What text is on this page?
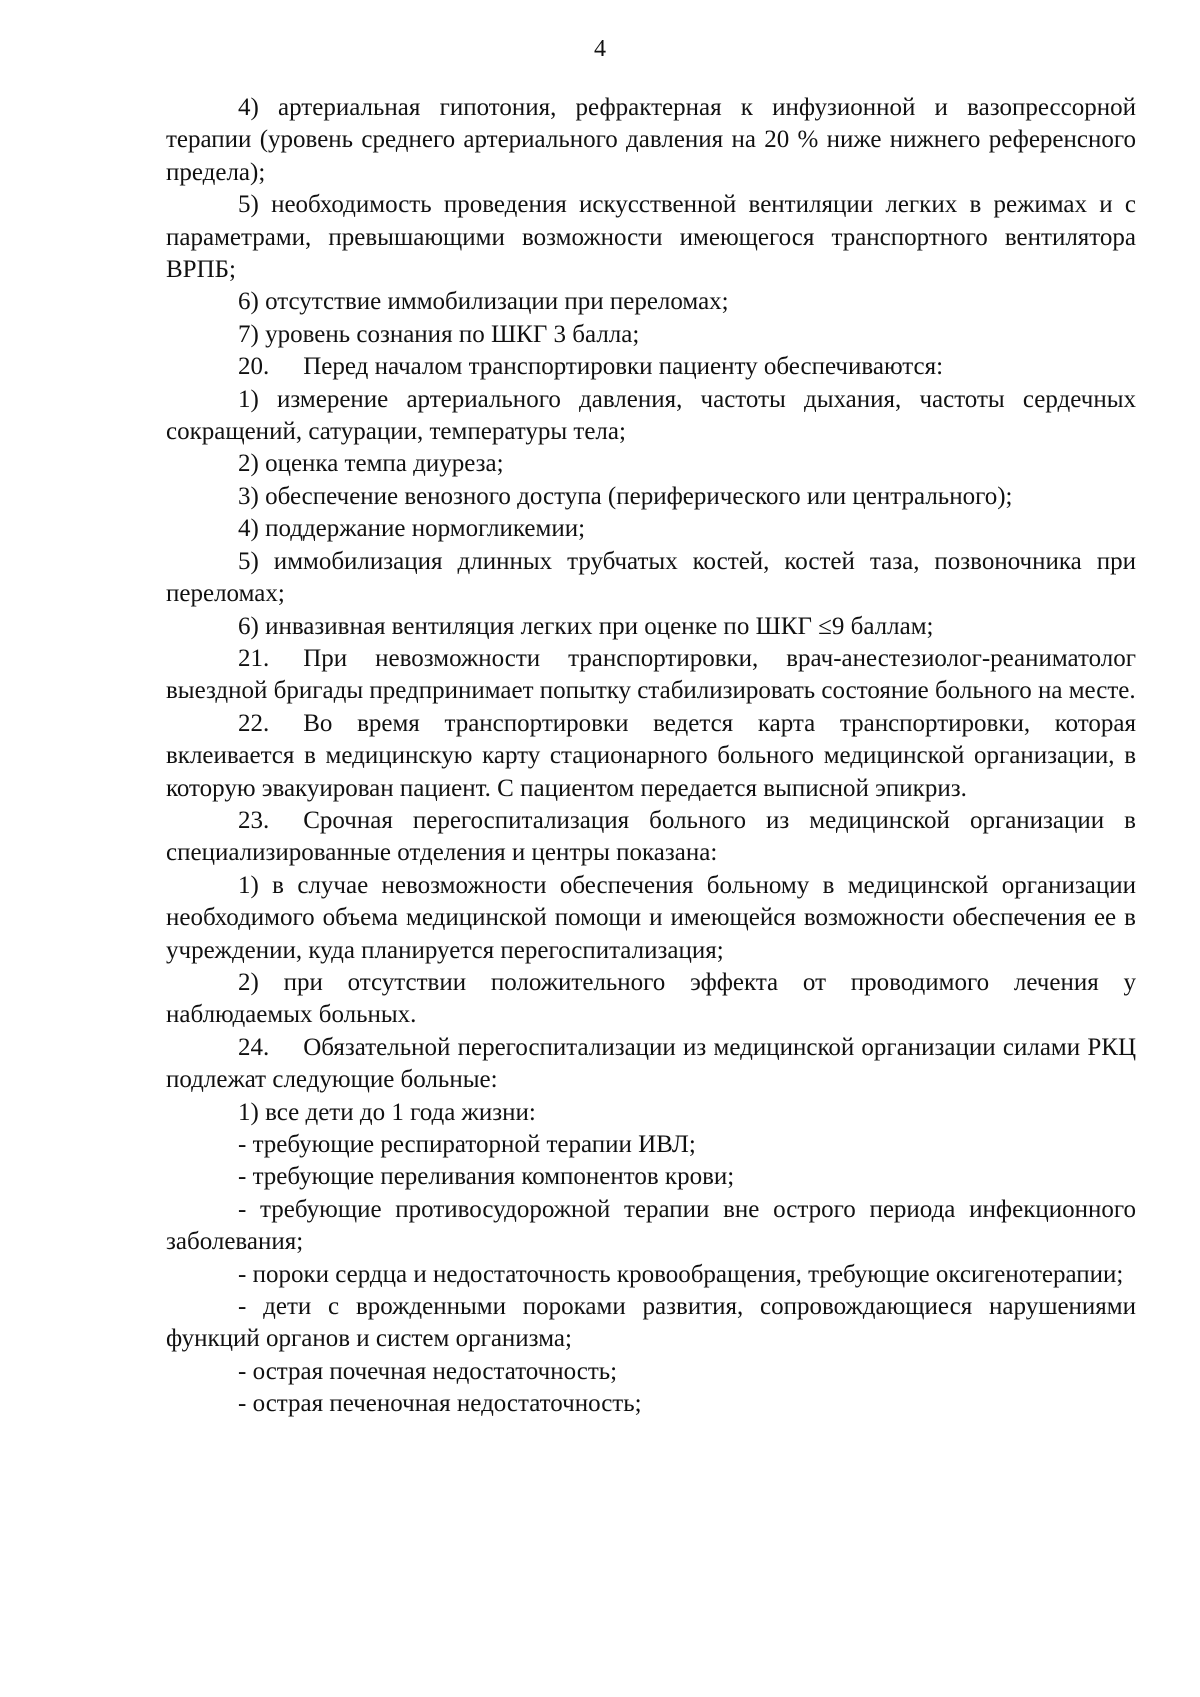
4

4) артериальная гипотония, рефрактерная к инфузионной и вазопрессорной терапии (уровень среднего артериального давления на 20 % ниже нижнего референсного предела);

5) необходимость проведения искусственной вентиляции легких в режимах и с параметрами, превышающими возможности имеющегося транспортного вентилятора ВРПБ;

6) отсутствие иммобилизации при переломах;

7) уровень сознания по ШКГ 3 балла;

20. Перед началом транспортировки пациенту обеспечиваются:

1) измерение артериального давления, частоты дыхания, частоты сердечных сокращений, сатурации, температуры тела;

2) оценка темпа диуреза;

3) обеспечение венозного доступа (периферического или центрального);

4) поддержание нормогликемии;

5) иммобилизация длинных трубчатых костей, костей таза, позвоночника при переломах;

6) инвазивная вентиляция легких при оценке по ШКГ ≤9 баллам;

21. При невозможности транспортировки, врач-анестезиолог-реаниматолог выездной бригады предпринимает попытку стабилизировать состояние больного на месте.

22. Во время транспортировки ведется карта транспортировки, которая вклеивается в медицинскую карту стационарного больного медицинской организации, в которую эвакуирован пациент. С пациентом передается выписной эпикриз.

23. Срочная перегоспитализация больного из медицинской организации в специализированные отделения и центры показана:

1) в случае невозможности обеспечения больному в медицинской организации необходимого объема медицинской помощи и имеющейся возможности обеспечения ее в учреждении, куда планируется перегоспитализация;

2) при отсутствии положительного эффекта от проводимого лечения у наблюдаемых больных.

24. Обязательной перегоспитализации из медицинской организации силами РКЦ подлежат следующие больные:

1) все дети до 1 года жизни:

- требующие респираторной терапии ИВЛ;

- требующие переливания компонентов крови;

- требующие противосудорожной терапии вне острого периода инфекционного заболевания;

- пороки сердца и недостаточность кровообращения, требующие оксигенотерапии;

- дети с врожденными пороками развития, сопровождающиеся нарушениями функций органов и систем организма;

- острая почечная недостаточность;

- острая печеночная недостаточность;
